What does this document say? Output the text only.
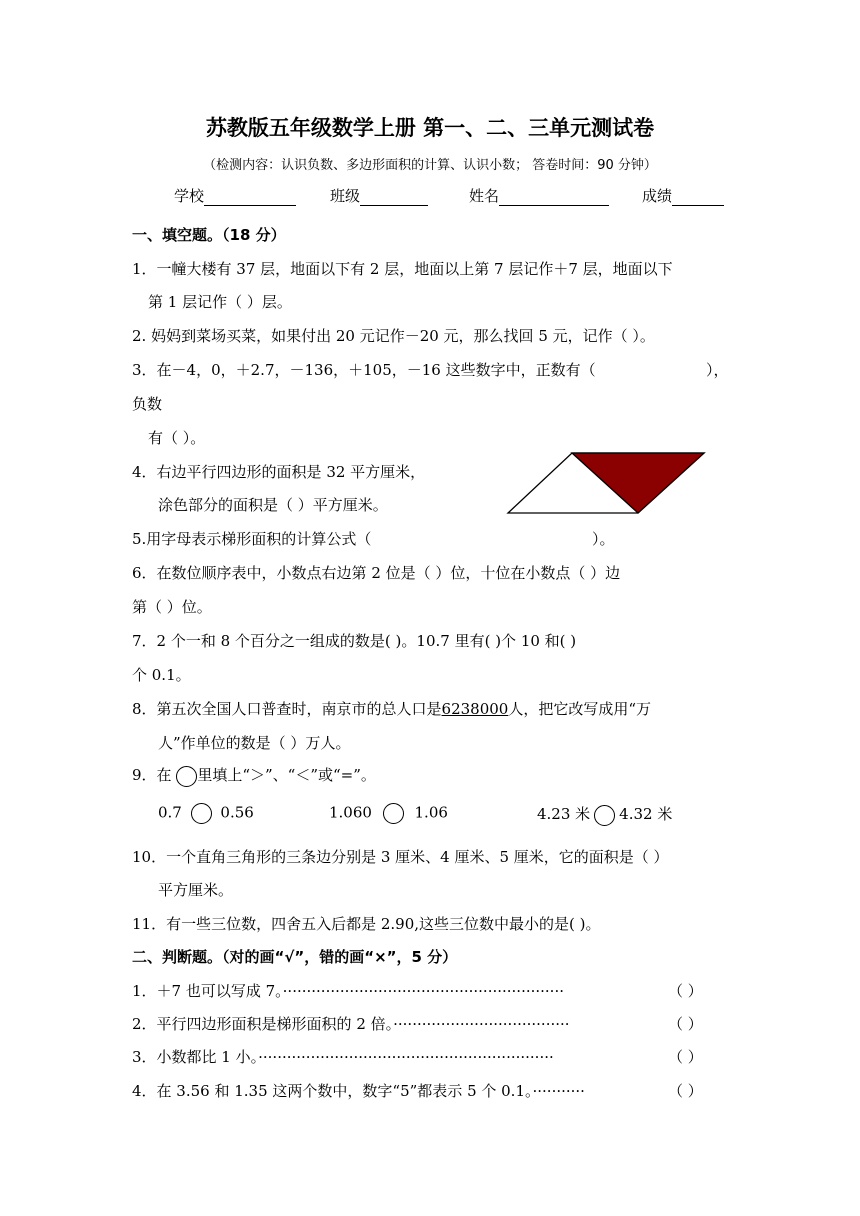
苏教版五年级数学上册 第一、二、三单元测试卷
（检测内容：认识负数、多边形面积的计算、认识小数； 答卷时间：90 分钟）
学校	班级	姓名	成绩
一、填空题。（18 分）
1．一幢大楼有 37 层，地面以下有 2 层，地面以上第 7 层记作＋7 层，地面以下
第 1 层记作（ ）层。
2. 妈妈到菜场买菜，如果付出 20 元记作－20 元，那么找回 5 元，记作（ ）。
3．在－4，0，＋2.7，－136，＋105，－16 这些数字中，正数有（	），
负数
有（ ）。
4．右边平行四边形的面积是 32 平方厘米，
涂色部分的面积是（ ）平方厘米。
5.用字母表示梯形面积的计算公式（	）。
6．在数位顺序表中，小数点右边第 2 位是（ ）位，十位在小数点（ ）边
第（ ）位。
7．2 个一和 8 个百分之一组成的数是( )。10.7 里有( )个 10 和( )
个 0.1。
8．第五次全国人口普查时，南京市的总人口是6238000人，把它改写成用“万
人”作单位的数是（ ）万人。
9．在 里填上“＞”、“＜”或“=”。
0.7	0.56	1.060	1.06	4.23 米 4.32 米
10．一个直角三角形的三条边分别是 3 厘米、4 厘米、5 厘米，它的面积是（ ）
平方厘米。
11．有一些三位数，四舍五入后都是 2.90,这些三位数中最小的是( )。
二、判断题。（对的画“√”，错的画“×”，5 分）
1．＋7 也可以写成 7。···························································	（ ）
2．平行四边形面积是梯形面积的 2 倍。·····································	（ ）
3．小数都比 1 小。······························································	（ ）
4．在 3.56 和 1.35 这两个数中，数字“5”都表示 5 个 0.1。···········	（ ）
